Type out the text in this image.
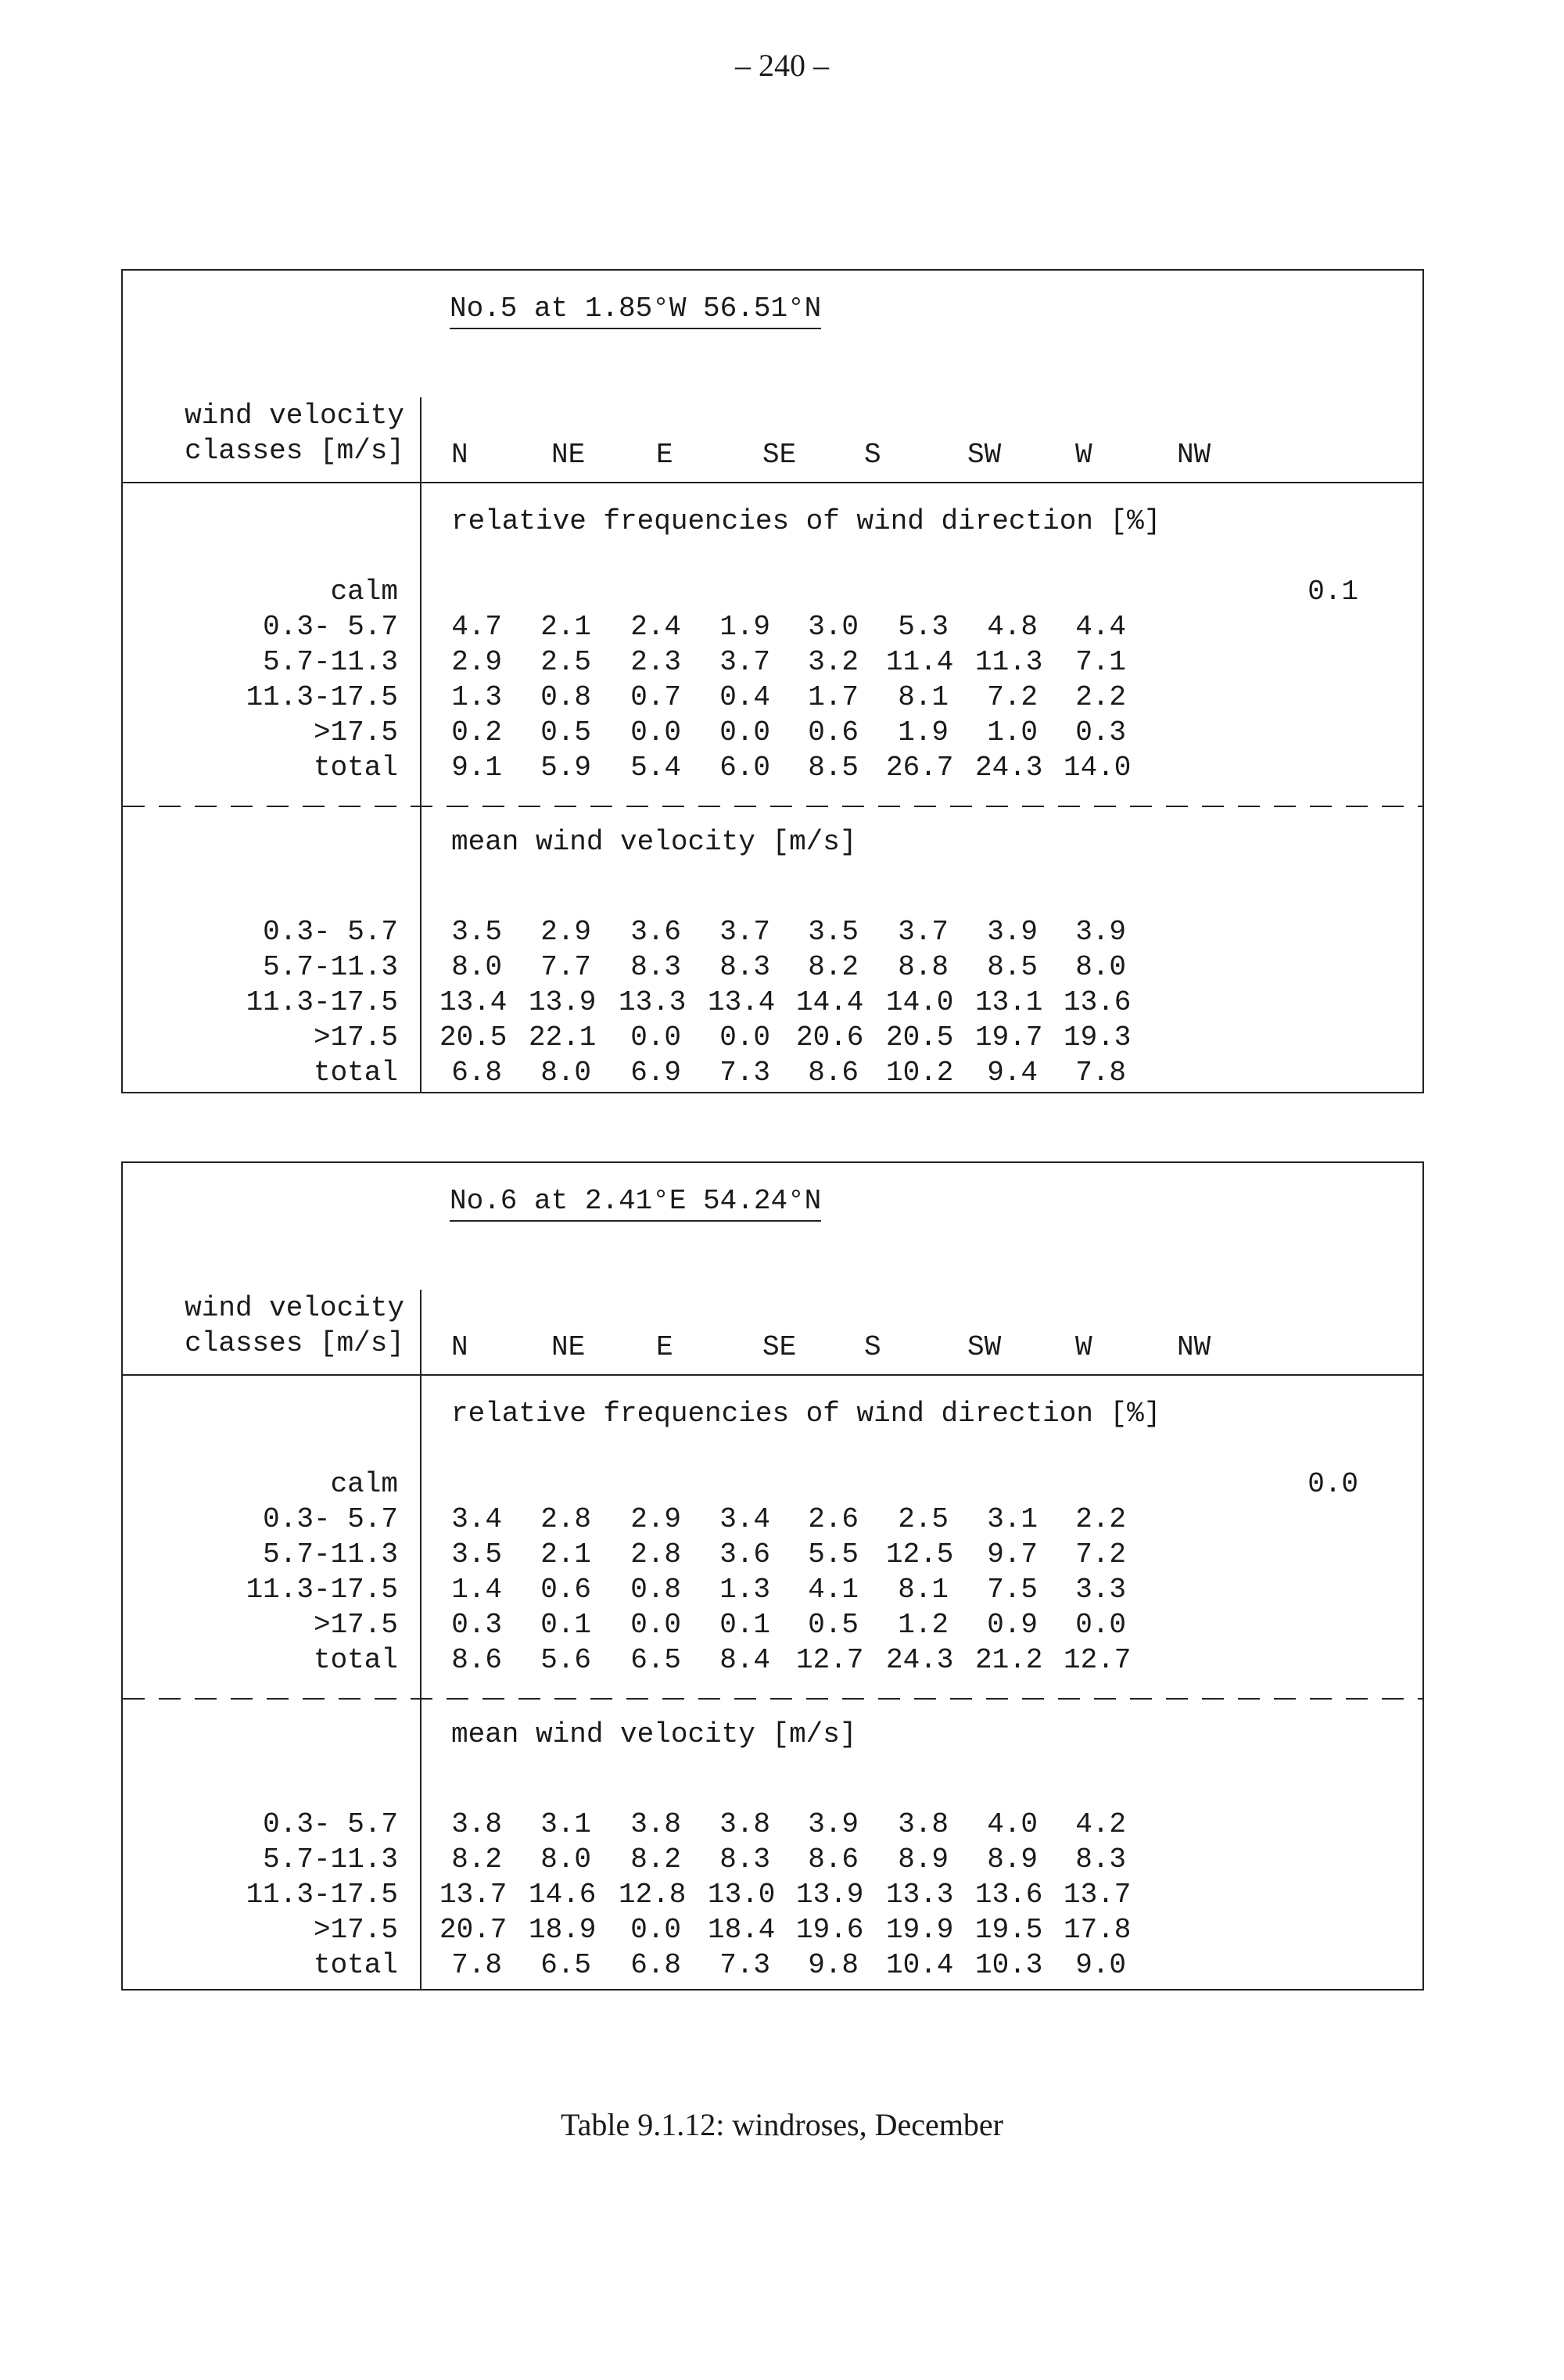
– 240 –
No.5 at 1.85°W 56.51°N
wind velocity
classes [m/s] N	NE	E	SE S	SW	W	NW
relative frequencies of wind direction [%]
calm	0.1
0.3- 5.7	4.7	2.1	2.4	1.9	3.0	5.3	4.8	4.4
5.7-11.3	2.9	2.5	2.3	3.7	3.2 11.4 11.3	7.1
11.3-17.5	1.3	0.8	0.7	0.4	1.7	8.1	7.2	2.2
>17.5	0.2	0.5	0.0	0.0	0.6	1.9	1.0	0.3
total	9.1	5.9	5.4	6.0	8.5 26.7 24.3 14.0
mean wind velocity [m/s]
0.3- 5.7	3.5	2.9	3.6	3.7	3.5	3.7	3.9	3.9
5.7-11.3	8.0	7.7	8.3	8.3	8.2	8.8	8.5	8.0
11.3-17.5 13.4 13.9 13.3 13.4 14.4 14.0 13.1 13.6
>17.5 20.5 22.1	0.0	0.0 20.6 20.5 19.7 19.3
total	6.8	8.0	6.9	7.3	8.6 10.2	9.4	7.8
No.6 at 2.41°E 54.24°N
wind velocity
classes [m/s] N	NE	E	SE S	SW	W	NW
relative frequencies of wind direction [%]
calm	0.0
0.3- 5.7	3.4	2.8	2.9	3.4	2.6	2.5	3.1	2.2
5.7-11.3	3.5	2.1	2.8	3.6	5.5 12.5	9.7	7.2
11.3-17.5	1.4	0.6	0.8	1.3	4.1	8.1	7.5	3.3
>17.5	0.3	0.1	0.0	0.1	0.5	1.2	0.9	0.0
total	8.6	5.6	6.5	8.4 12.7 24.3 21.2 12.7
mean wind velocity [m/s]
0.3- 5.7	3.8	3.1	3.8	3.8	3.9	3.8	4.0	4.2
5.7-11.3	8.2	8.0	8.2	8.3	8.6	8.9	8.9	8.3
11.3-17.5 13.7 14.6 12.8 13.0 13.9 13.3 13.6 13.7
>17.5 20.7 18.9	0.0 18.4 19.6 19.9 19.5 17.8
total	7.8	6.5	6.8	7.3	9.8 10.4 10.3	9.0
Table 9.1.12: windroses, December
